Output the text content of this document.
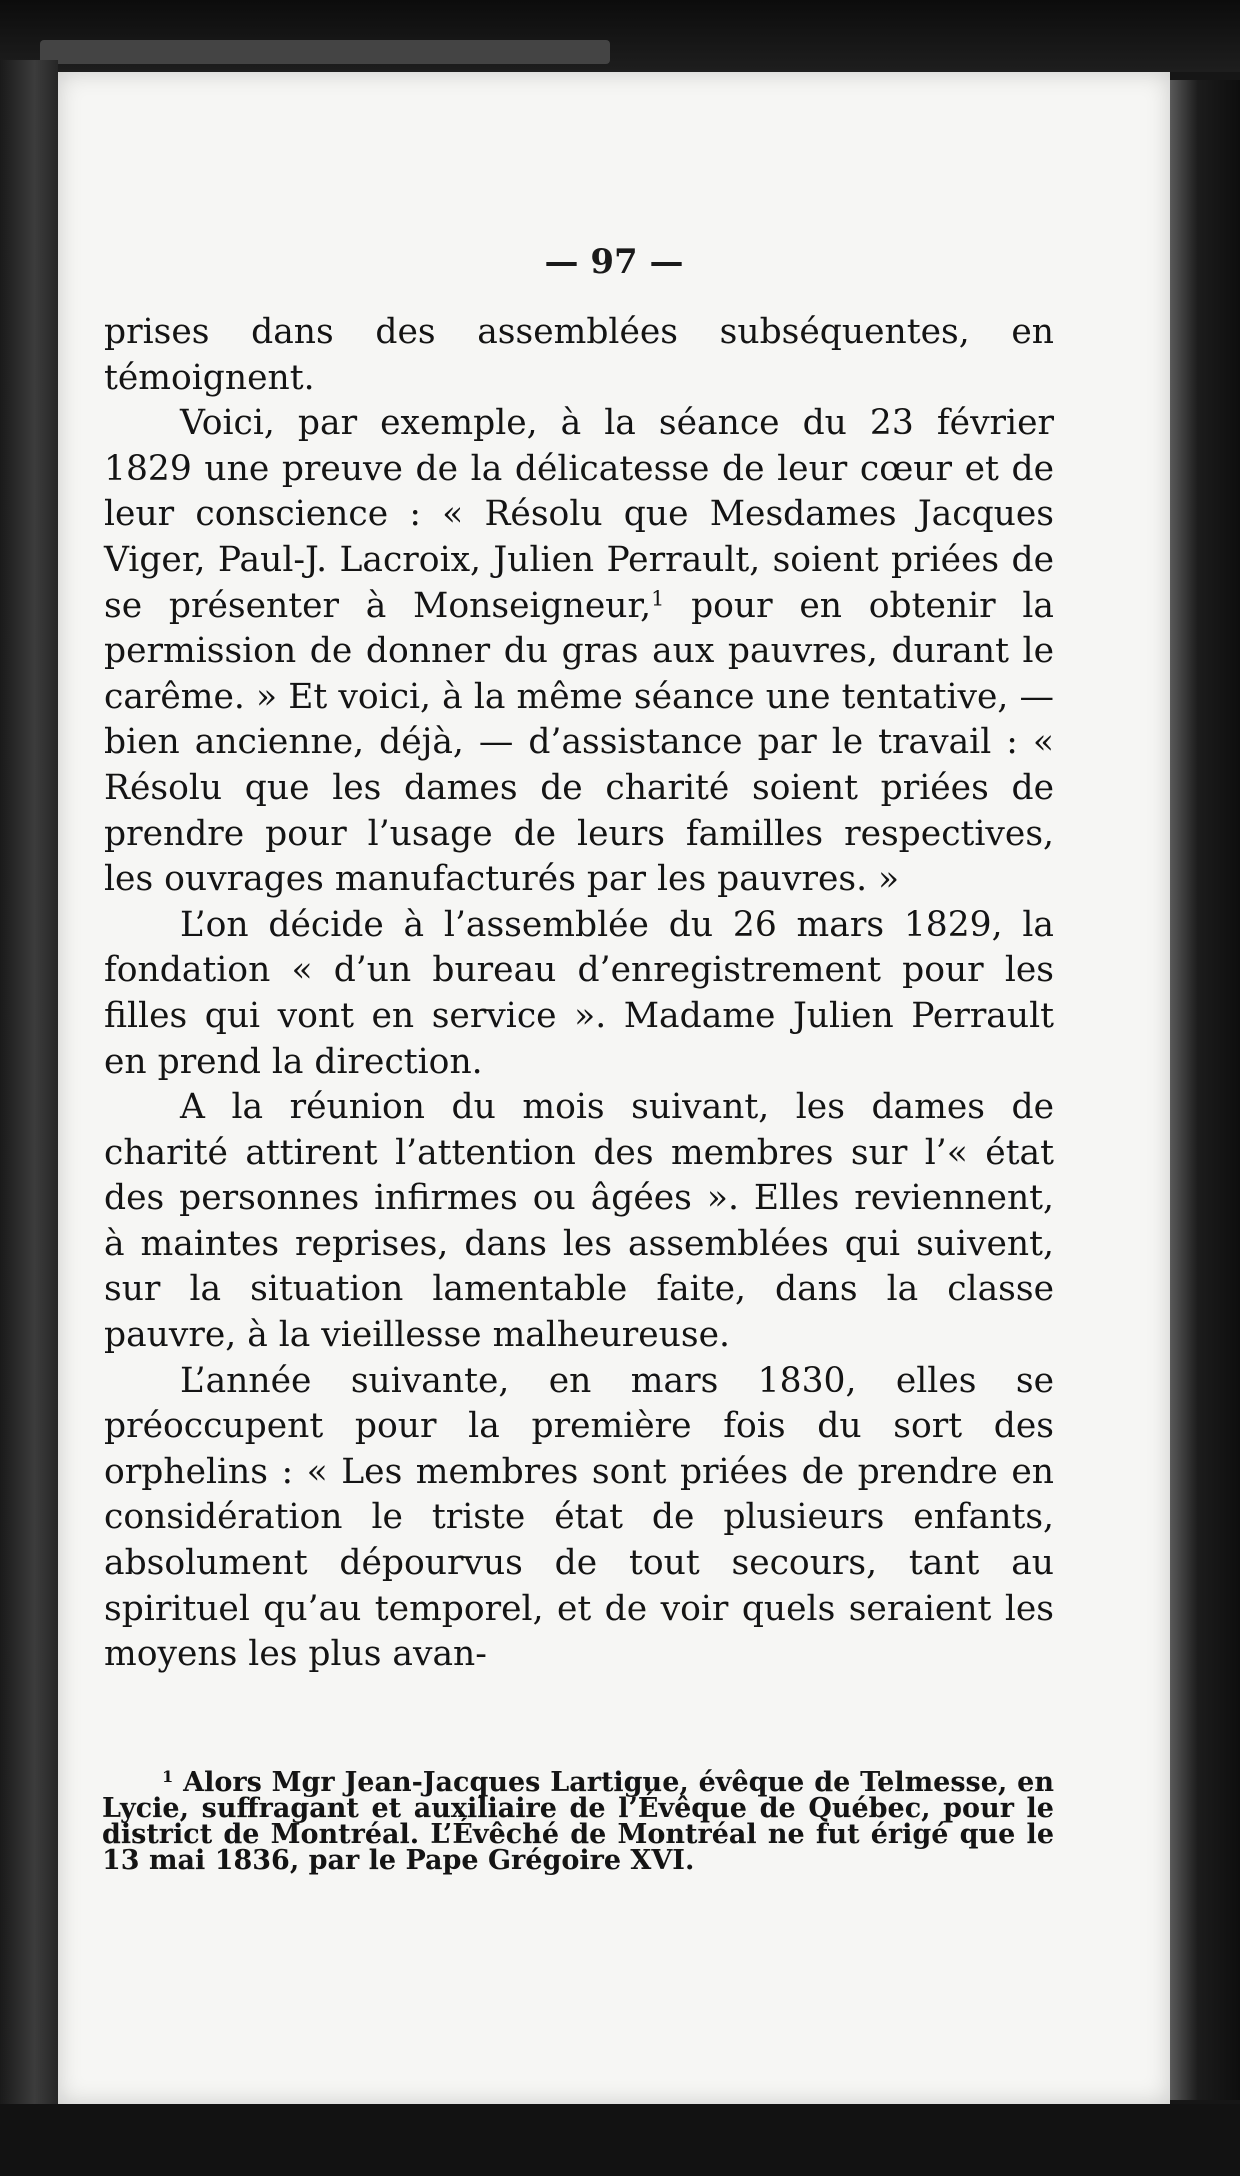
— 97 —

prises dans des assemblées subséquentes, en témoignent.

Voici, par exemple, à la séance du 23 février 1829 une preuve de la délicatesse de leur cœur et de leur conscience : « Résolu que Mesdames Jacques Viger, Paul-J. Lacroix, Julien Perrault, soient priées de se présenter à Monseigneur,$^1$ pour en obtenir la permission de donner du gras aux pauvres, durant le carême. » Et voici, à la même séance une tentative, — bien ancienne, déjà, — d’assistance par le travail : « Résolu que les dames de charité soient priées de prendre pour l’usage de leurs familles respectives, les ouvrages manufacturés par les pauvres. »

L’on décide à l’assemblée du 26 mars 1829, la fondation « d’un bureau d’enregistrement pour les filles qui vont en service ». Madame Julien Perrault en prend la direction.

A la réunion du mois suivant, les dames de charité attirent l’attention des membres sur l’« état des personnes infirmes ou âgées ». Elles reviennent, à maintes reprises, dans les assemblées qui suivent, sur la situation lamentable faite, dans la classe pauvre, à la vieillesse malheureuse.

L’année suivante, en mars 1830, elles se préoccupent pour la première fois du sort des orphelins : « Les membres sont priées de prendre en considération le triste état de plusieurs enfants, absolument dépourvus de tout secours, tant au spirituel qu’au temporel, et de voir quels seraient les moyens les plus avan-

$^1$ Alors Mgr Jean-Jacques Lartigue, évêque de Telmesse, en Lycie, suffragant et auxiliaire de l’Évêque de Québec, pour le district de Montréal. L’Évêché de Montréal ne fut érigé que le 13 mai 1836, par le Pape Grégoire XVI.
